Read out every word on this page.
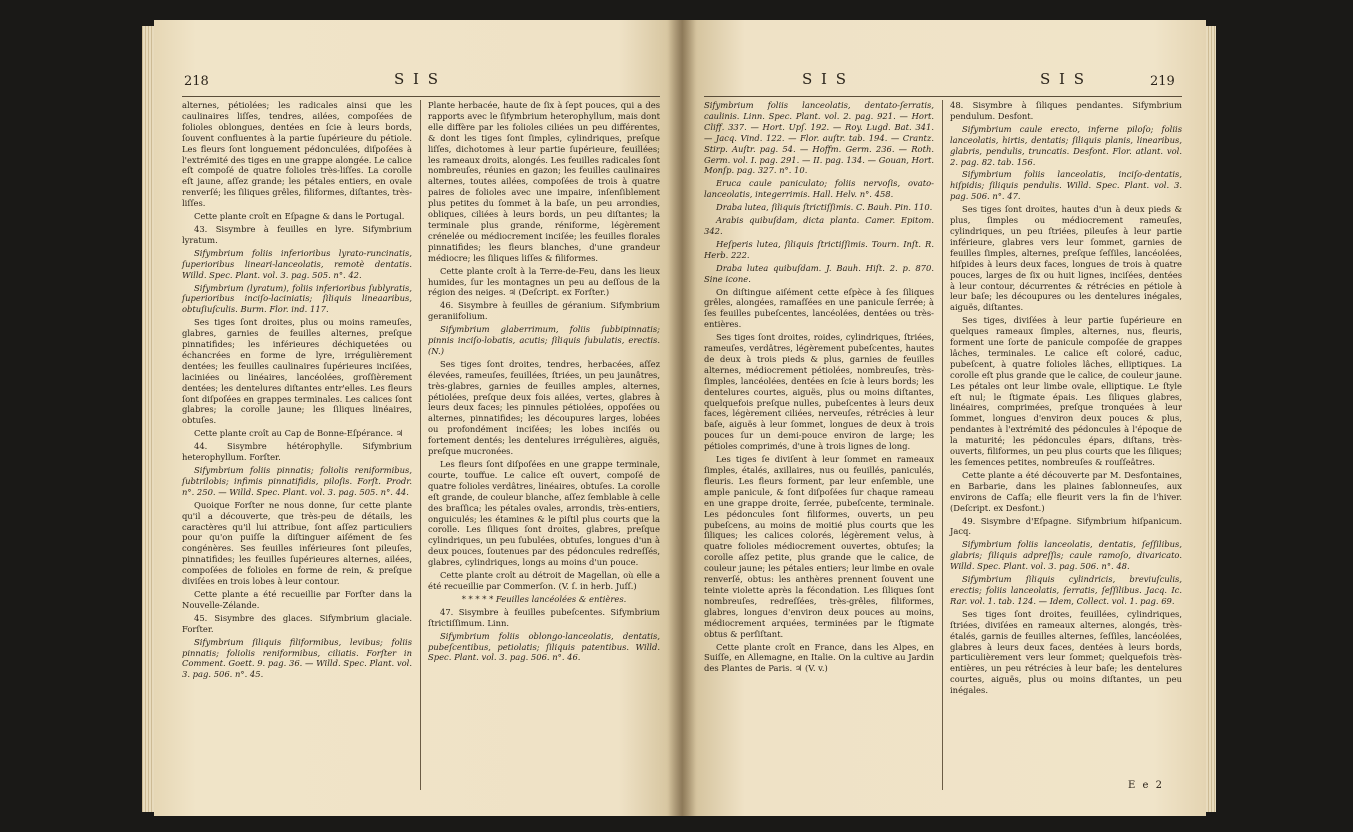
218	S I S

alternes, pétiolées; les radicales ainsi que les caulinaires liſſes, tendres, ailées, compoſées de folioles oblongues, dentées en ſcie à leurs bords, ſouvent confluentes à la partie ſupérieure du pétiole. Les fleurs ſont longuement pédonculées, diſpoſées à l'extrémité des tiges en une grappe alongée. Le calice eſt compoſé de quatre folioles très-liſſes. La corolle eſt jaune, aſſez grande; les pétales entiers, en ovale renverſé; les ſiliques grêles, filiformes, diſtantes, très-liſſes.

Cette plante croît en Eſpagne & dans le Portugal.

43. Sisymbre à feuilles en lyre. Sifymbrium lyratum.

Sifymbrium foliis inferioribus lyrato-runcinatis, ſuperioribus lineari-lanceolatis, remotè dentatis. Willd. Spec. Plant. vol. 3. pag. 505. n°. 42.

Sifymbrium (lyratum), foliis inferioribus ſublyratis, ſuperioribus inciſo-laciniatis; ſiliquis lineaaribus, obtuſiuſculis. Burm. Flor. ind. 117.

Ses tiges ſont droites, plus ou moins rameuſes, glabres, garnies de feuilles alternes, preſque pinnatifides; les inférieures déchiquetées ou échancrées en forme de lyre, irrégulièrement dentées; les feuilles caulinaires ſupérieures inciſées, laciniées ou linéaires, lancéolées, groſſièrement dentées; les dentelures diſtantes entr'elles. Les fleurs ſont diſpoſées en grappes terminales. Les calices ſont glabres; la corolle jaune; les ſiliques linéaires, obtuſes.

Cette plante croît au Cap de Bonne-Eſpérance. ♃

44. Sisymbre hétérophylle. Sifymbrium heterophyllum. Forſter.

Sifymbrium foliis pinnatis; foliolis reniformibus, ſubtrilobis; infimis pinnatifidis, piloſis. Forſt. Prodr. n°. 250. — Willd. Spec. Plant. vol. 3. pag. 505. n°. 44.

Quoique Forſter ne nous donne, ſur cette plante qu'il a découverte, que très-peu de détails, les caractères qu'il lui attribue, ſont aſſez particuliers pour qu'on puiſſe la diſtinguer aiſément de ſes congénères. Ses feuilles inférieures ſont pileuſes, pinnatifides; les feuilles ſupérieures alternes, ailées, compoſées de folioles en forme de rein, & preſque diviſées en trois lobes à leur contour.

Cette plante a été recueillie par Forſter dans la Nouvelle-Zélande.

45. Sisymbre des glaces. Sifymbrium glaciale. Forſter.

Sifymbrium ſiliquis filiformibus, levibus; foliis pinnatis; foliolis reniformibus, ciliatis. Forſter in Comment. Goett. 9. pag. 36. — Willd. Spec. Plant. vol. 3. pag. 506. n°. 45.

Plante herbacée, haute de ſix à ſept pouces, qui a des rapports avec le ſifymbrium heterophyllum, mais dont elle diffère par les folioles ciliées un peu différentes, & dont les tiges ſont ſimples, cylindriques, preſque liſſes, dichotomes à leur partie ſupérieure, feuillées; les rameaux droits, alongés. Les feuilles radicales ſont nombreuſes, réunies en gazon; les feuilles caulinaires alternes, toutes ailées, compoſées de trois à quatre paires de folioles avec une impaire, inſenſiblement plus petites du ſommet à la baſe, un peu arrondies, obliques, ciliées à leurs bords, un peu diſtantes; la terminale plus grande, réniforme, légèrement crénelée ou médiocrement inciſée; les feuilles florales pinnatifides; les fleurs blanches, d'une grandeur médiocre; les ſiliques liſſes & filiformes.

Cette plante croît à la Terre-de-Feu, dans les lieux humides, ſur les montagnes un peu au deſſous de la région des neiges. ♃ (Deſcript. ex Forſter.)

46. Sisymbre à feuilles de géranium. Sifymbrium geraniifolium.

Sifymbrium glaberrimum, foliis ſubbipinnatis; pinnis inciſo-lobatis, acutis; ſiliquis ſubulatis, erectis. (N.)

Ses tiges ſont droites, tendres, herbacées, aſſez élevées, rameuſes, feuillées, ſtriées, un peu jaunâtres, très-glabres, garnies de feuilles amples, alternes, pétiolées, preſque deux fois ailées, vertes, glabres à leurs deux faces; les pinnules pétiolées, oppoſées ou alternes, pinnatifides; les découpures larges, lobées ou profondément inciſées; les lobes inciſés ou fortement dentés; les dentelures irrégulières, aiguës, preſque mucronées.

Les fleurs ſont diſpoſées en une grappe terminale, courte, touffue. Le calice eſt ouvert, compoſé de quatre folioles verdâtres, linéaires, obtuſes. La corolle eſt grande, de couleur blanche, aſſez ſemblable à celle des braſſica; les pétales ovales, arrondis, très-entiers, onguiculés; les étamines & le piſtil plus courts que la corolle. Les ſiliques ſont droites, glabres, preſque cylindriques, un peu ſubulées, obtuſes, longues d'un à deux pouces, ſoutenues par des pédoncules redreſſés, glabres, cylindriques, longs au moins d'un pouce.

Cette plante croît au détroit de Magellan, où elle a été recueillie par Commerſon. (V. ſ. in herb. Juſſ.)

* * * * * Feuilles lancéolées & entières.

47. Sisymbre à feuilles pubeſcentes. Sifymbrium ſtrictiſſimum. Linn.

Sifymbrium foliis oblongo-lanceolatis, dentatis, pubeſcentibus, petiolatis; ſiliquis patentibus. Willd. Spec. Plant. vol. 3. pag. 506. n°. 46.

S I S	S I S	219

Sifymbrium foliis lanceolatis, dentato-ſerratis, caulinis. Linn. Spec. Plant. vol. 2. pag. 921. — Hort. Cliff. 337. — Hort. Upſ. 192. — Roy. Lugd. Bat. 341. — Jacq. Vind. 122. — Flor. auſtr. tab. 194. — Crantz. Stirp. Auſtr. pag. 54. — Hoffm. Germ. 236. — Roth. Germ. vol. I. pag. 291. — II. pag. 134. — Gouan, Hort. Monſp. pag. 327. n°. 10.

Eruca caule paniculato; foliis nervoſis, ovato-lanceolatis, integerrimis. Hall. Helv. n°. 458.

Draba lutea, ſiliquis ſtrictiſſimis. C. Bauh. Pin. 110.

Arabis quibuſdam, dicta planta. Camer. Epitom. 342.

Heſperis lutea, ſiliquis ſtrictiſſimis. Tourn. Inſt. R. Herb. 222.

Draba lutea quibuſdam. J. Bauh. Hiſt. 2. p. 870. Sine icone.

On diſtingue aiſément cette eſpèce à ſes ſiliques grêles, alongées, ramaſſées en une panicule ſerrée; à ſes feuilles pubeſcentes, lancéolées, dentées ou très-entières.

Ses tiges ſont droites, roides, cylindriques, ſtriées, rameuſes, verdâtres, légèrement pubeſcentes, hautes de deux à trois pieds & plus, garnies de feuilles alternes, médiocrement pétiolées, nombreuſes, très-ſimples, lancéolées, dentées en ſcie à leurs bords; les dentelures courtes, aiguës, plus ou moins diſtantes, quelquefois preſque nulles, pubeſcentes à leurs deux faces, légèrement ciliées, nerveuſes, rétrécies à leur baſe, aiguës à leur ſommet, longues de deux à trois pouces ſur un demi-pouce environ de large; les pétioles comprimés, d'une à trois lignes de long.

Les tiges ſe diviſent à leur ſommet en rameaux ſimples, étalés, axillaires, nus ou feuillés, paniculés, fleuris. Les fleurs forment, par leur enſemble, une ample panicule, & ſont diſpoſées ſur chaque rameau en une grappe droite, ſerrée, pubeſcente, terminale. Les pédoncules ſont filiformes, ouverts, un peu pubeſcens, au moins de moitié plus courts que les ſiliques; les calices colorés, légèrement velus, à quatre folioles médiocrement ouvertes, obtuſes; la corolle aſſez petite, plus grande que le calice, de couleur jaune; les pétales entiers; leur limbe en ovale renverſé, obtus: les anthères prennent ſouvent une teinte violette après la fécondation. Les ſiliques ſont nombreuſes, redreſſées, très-grêles, filiformes, glabres, longues d'environ deux pouces au moins, médiocrement arquées, terminées par le ſtigmate obtus & perſiſtant.

Cette plante croît en France, dans les Alpes, en Suiſſe, en Allemagne, en Italie. On la cultive au Jardin des Plantes de Paris. ♃ (V. v.)

48. Sisymbre à ſiliques pendantes. Sifymbrium pendulum. Desfont.

Sifymbrium caule erecto, inferne piloſo; foliis lanceolatis, hirtis, dentatis; ſiliquis planis, linearibus, glabris, pendulis, truncatis. Desfont. Flor. atlant. vol. 2. pag. 82. tab. 156.

Sifymbrium foliis lanceolatis, inciſo-dentatis, hiſpidis; ſiliquis pendulis. Willd. Spec. Plant. vol. 3. pag. 506. n°. 47.

Ses tiges ſont droites, hautes d'un à deux pieds & plus, ſimples ou médiocrement rameuſes, cylindriques, un peu ſtriées, pileuſes à leur partie inférieure, glabres vers leur ſommet, garnies de feuilles ſimples, alternes, preſque ſeſſiles, lancéolées, hiſpides à leurs deux faces, longues de trois à quatre pouces, larges de ſix ou huit lignes, inciſées, dentées à leur contour, décurrentes & rétrécies en pétiole à leur baſe; les découpures ou les dentelures inégales, aiguës, diſtantes.

Ses tiges, diviſées à leur partie ſupérieure en quelques rameaux ſimples, alternes, nus, fleuris, forment une ſorte de panicule compoſée de grappes lâches, terminales. Le calice eſt coloré, caduc, pubeſcent, à quatre folioles lâches, elliptiques. La corolle eſt plus grande que le calice, de couleur jaune. Les pétales ont leur limbe ovale, elliptique. Le ſtyle eſt nul; le ſtigmate épais. Les ſiliques glabres, linéaires, comprimées, preſque tronquées à leur ſommet, longues d'environ deux pouces & plus, pendantes à l'extrémité des pédoncules à l'époque de la maturité; les pédoncules épars, diſtans, très-ouverts, filiformes, un peu plus courts que les ſiliques; les ſemences petites, nombreuſes & rouſſeâtres.

Cette plante a été découverte par M. Desfontaines, en Barbarie, dans les plaines ſablonneuſes, aux environs de Cafſa; elle fleurit vers la fin de l'hiver. (Deſcript. ex Desfont.)

49. Sisymbre d'Eſpagne. Sifymbrium hiſpanicum. Jacq.

Sifymbrium foliis lanceolatis, dentatis, ſeſſilibus, glabris; ſiliquis adpreſſis; caule ramoſo, divaricato. Willd. Spec. Plant. vol. 3. pag. 506. n°. 48.

Sifymbrium ſiliquis cylindricis, breviuſculis, erectis; foliis lanceolatis, ſerratis, ſeſſilibus. Jacq. Ic. Rar. vol. 1. tab. 124. — Idem, Collect. vol. 1. pag. 69.

Ses tiges ſont droites, feuillées, cylindriques, ſtriées, diviſées en rameaux alternes, alongés, très-étalés, garnis de feuilles alternes, ſeſſiles, lancéolées, glabres à leurs deux faces, dentées à leurs bords, particulièrement vers leur ſommet; quelquefois très-entières, un peu rétrécies à leur baſe; les dentelures courtes, aiguës, plus ou moins diſtantes, un peu inégales.

E e 2
